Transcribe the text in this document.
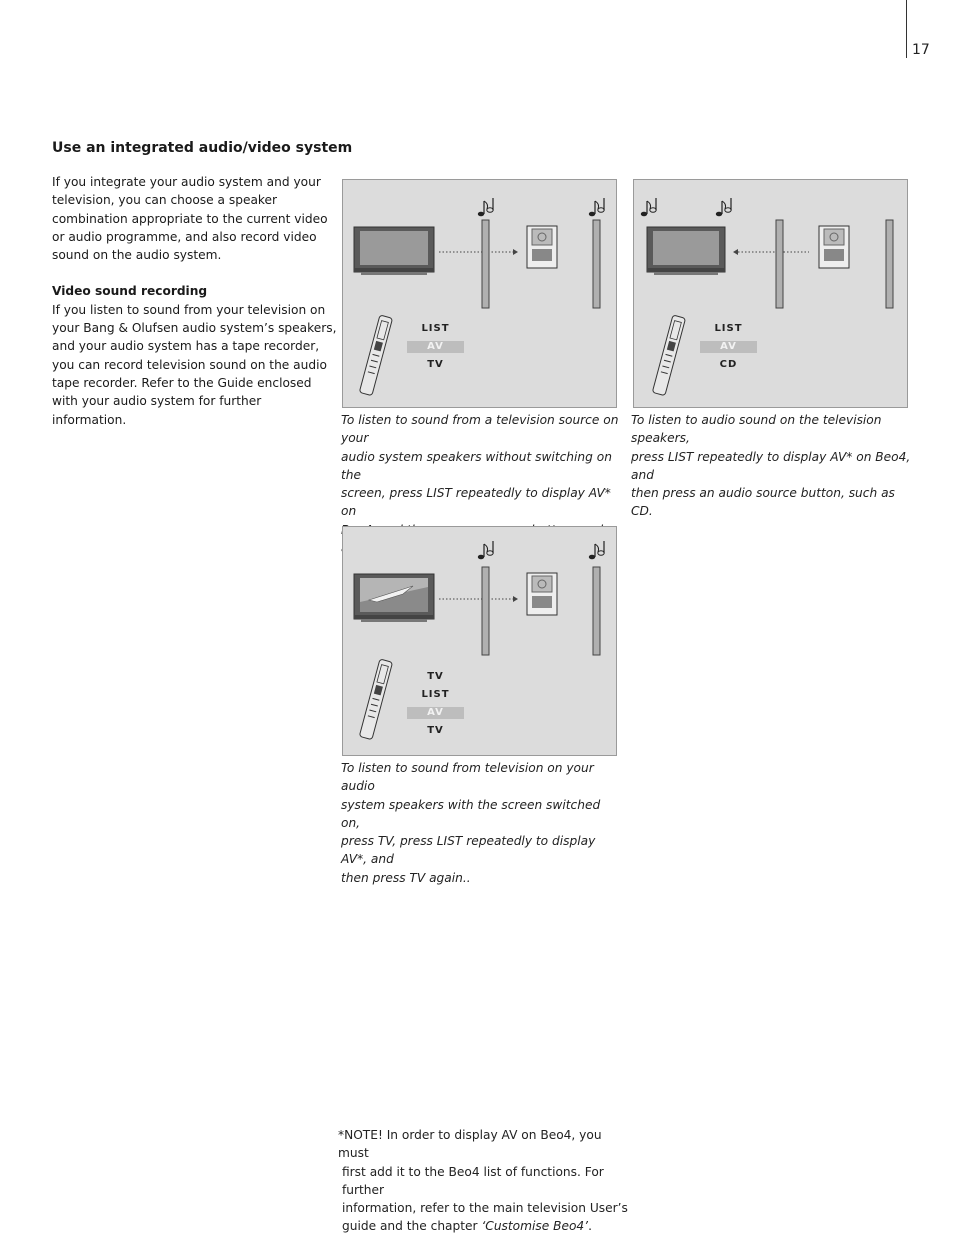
17
Use an integrated audio/video system

If you integrate your audio system and your

television, you can choose a speaker

combination appropriate to the current video

or audio programme, and also record video

sound on the audio system.

Video sound recording

If you listen to sound from your television on

your Bang & Olufsen audio system’s speakers,

and your audio system has a tape recorder,

you can record television sound on the audio

tape recorder. Refer to the Guide enclosed

with your audio system for further

information.

LIST
AV
TV
To listen to sound from a television source on your
audio system speakers without switching on the
screen, press LIST repeatedly to display AV* on
LIST
AV
CD
To listen to audio sound on the television speakers,
press LIST repeatedly to display AV* on Beo4, and
then press an audio source button, such as CD.
TV
LIST
AV
TV
To listen to sound from television on your audio
system speakers with the screen switched on,
press TV, press LIST repeatedly to display AV*, and
then press TV again..
*NOTE! In order to display AV on Beo4, you must
first add it to the Beo4 list of functions. For further
information, refer to the main television User’s
guide and the chapter ‘Customise Beo4’.
